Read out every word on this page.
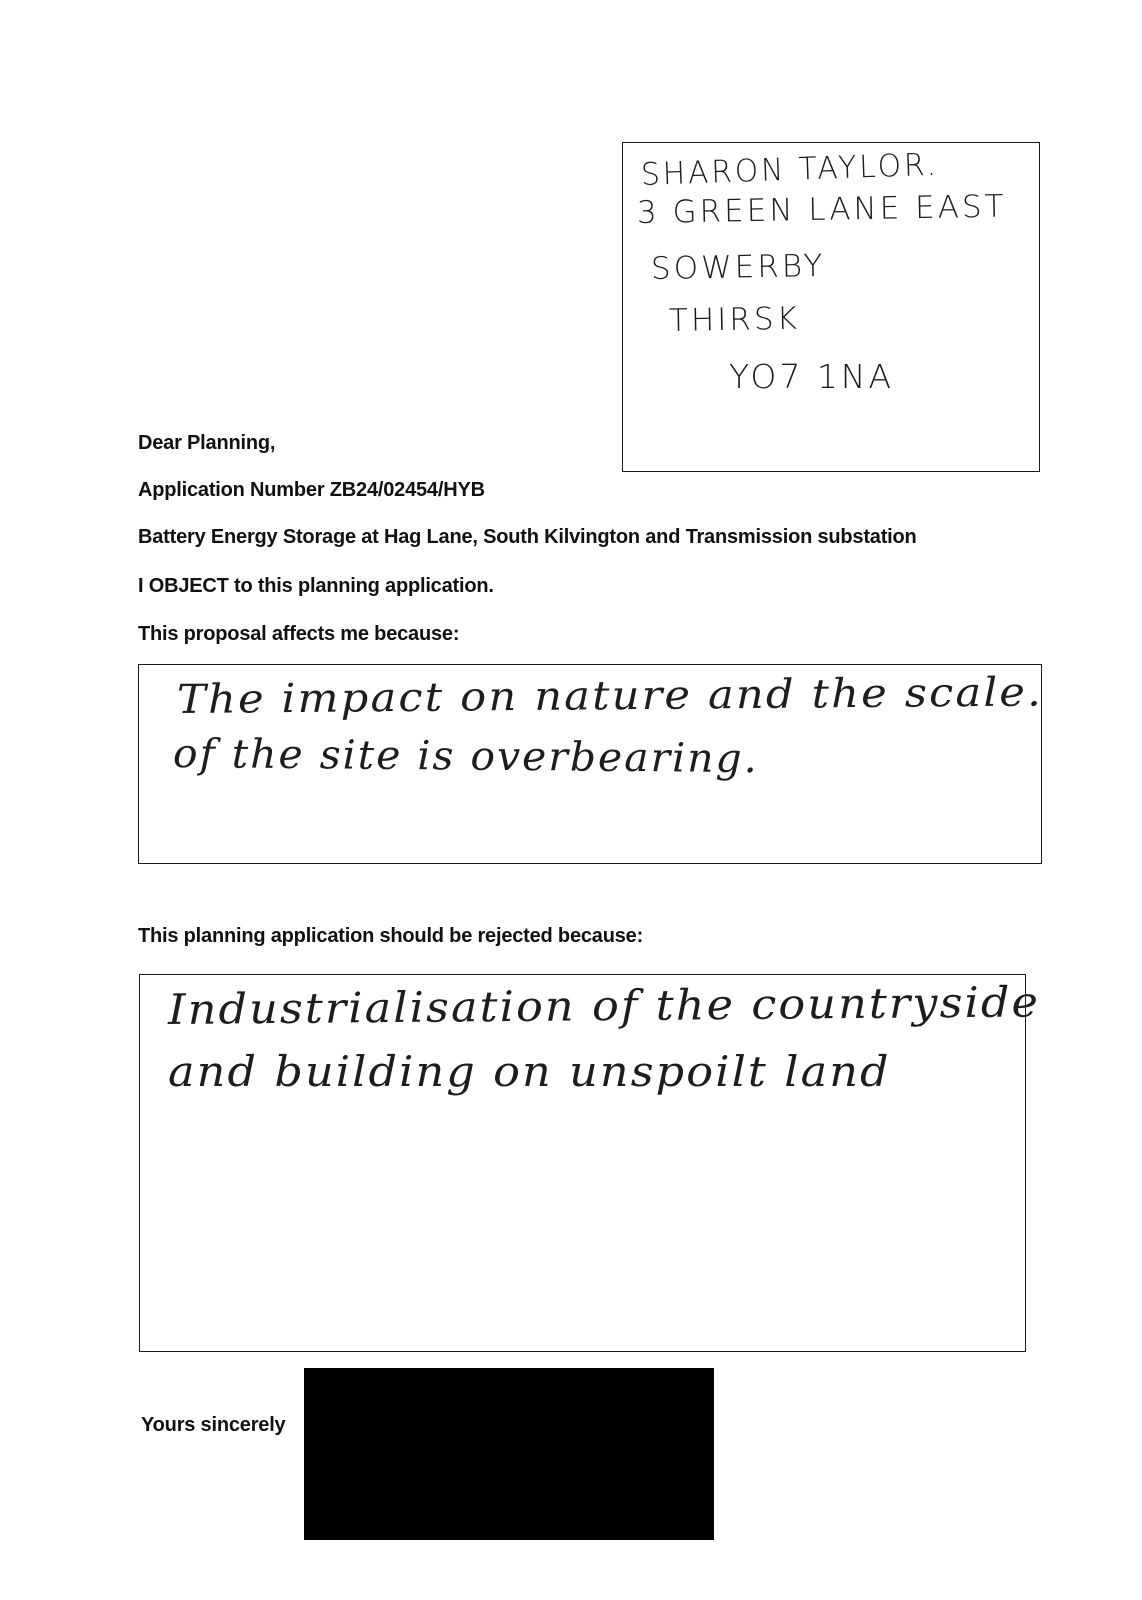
SHARON TAYLOR.
3 GREEN LANE EAST
SOWERBY
THIRSK
YO7 1NA
Dear Planning,
Application Number ZB24/02454/HYB
Battery Energy Storage at Hag Lane, South Kilvington and Transmission substation
I OBJECT to this planning application.
This proposal affects me because:
The impact on nature and the scale.
of the site is overbearing.
This planning application should be rejected because:
Industrialisation of the countryside
and building on unspoilt land
Yours sincerely
